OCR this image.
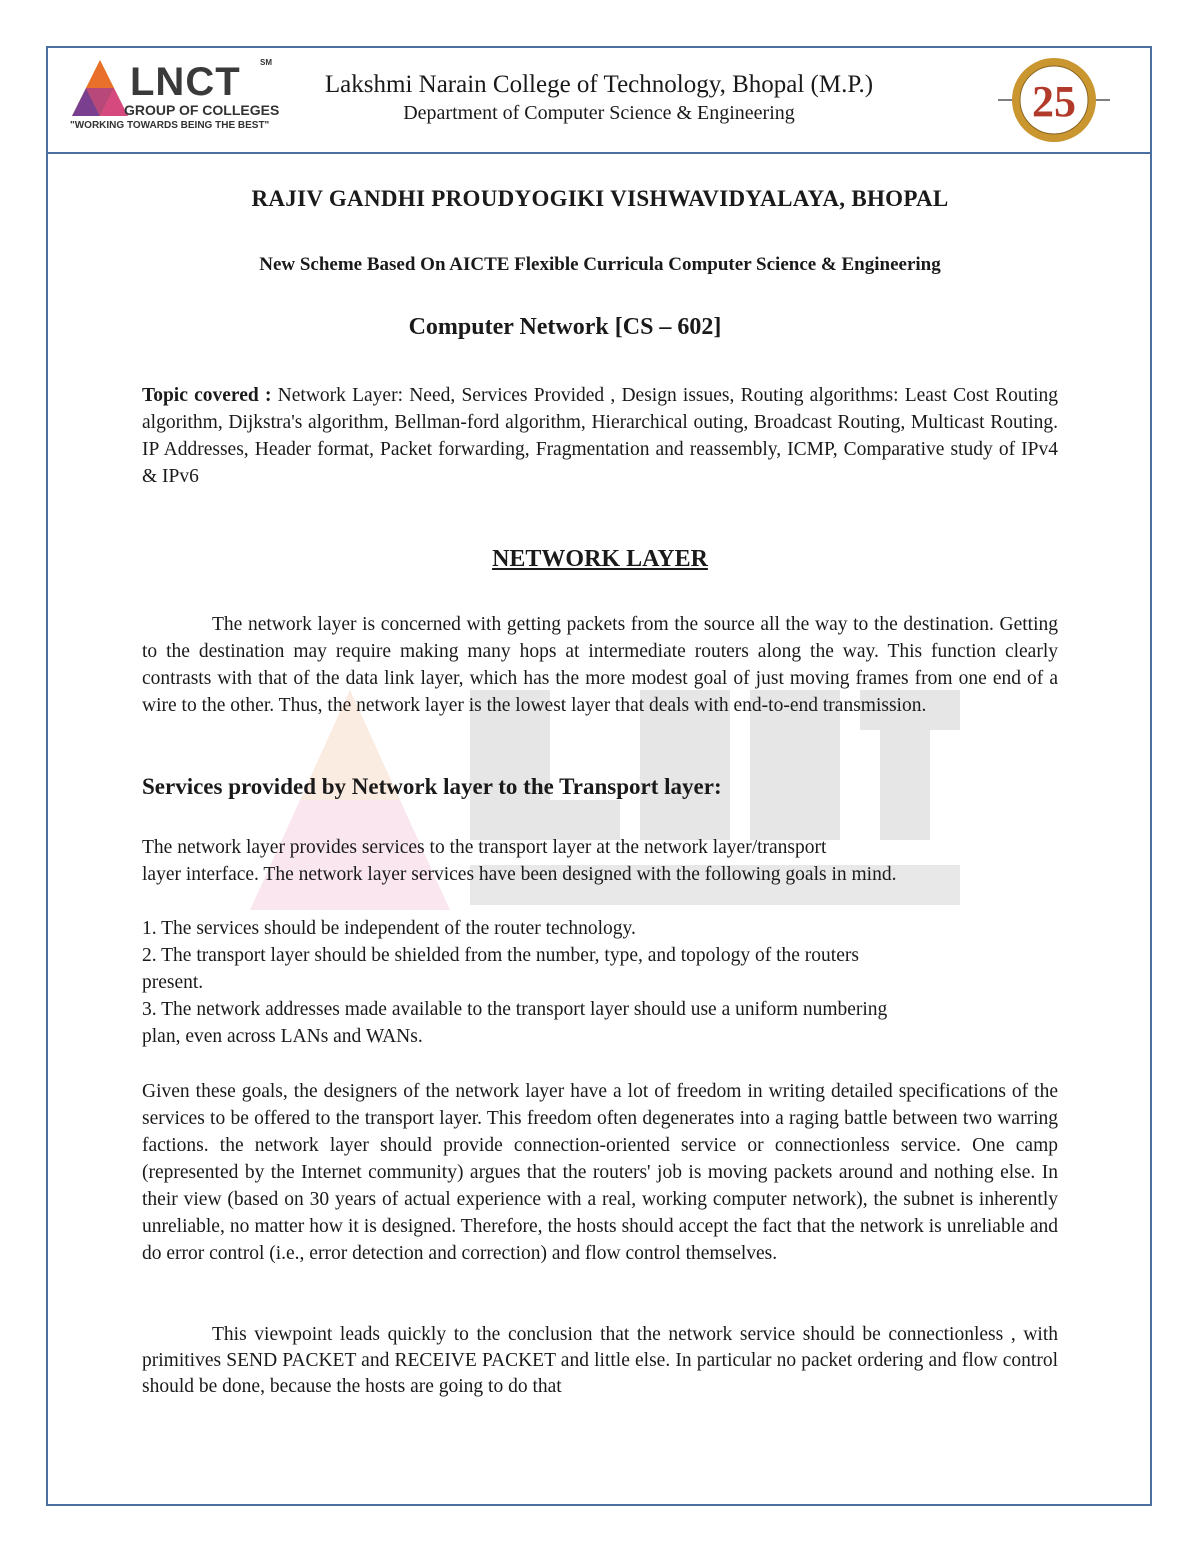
LNCT SM
GROUP OF COLLEGES
"WORKING TOWARDS BEING THE BEST"
Lakshmi Narain College of Technology, Bhopal (M.P.)
Department of Computer Science & Engineering	25
RAJIV GANDHI PROUDYOGIKI VISHWAVIDYALAYA, BHOPAL
New Scheme Based On AICTE Flexible Curricula Computer Science & Engineering
Computer Network [CS – 602]
Topic covered : Network Layer: Need, Services Provided , Design issues, Routing algorithms: Least Cost Routing algorithm, Dijkstra's algorithm, Bellman-ford algorithm, Hierarchical outing, Broadcast Routing, Multicast Routing. IP Addresses, Header format, Packet forwarding, Fragmentation and reassembly, ICMP, Comparative study of IPv4 & IPv6
NETWORK LAYER
The network layer is concerned with getting packets from the source all the way to the destination. Getting to the destination may require making many hops at intermediate routers along the way. This function clearly contrasts with that of the data link layer, which has the more modest goal of just moving frames from one end of a wire to the other. Thus, the network layer is the lowest layer that deals with end-to-end transmission.
Services provided by Network layer to the Transport layer:
The network layer provides services to the transport layer at the network layer/transport
layer interface. The network layer services have been designed with the following goals in mind.
1. The services should be independent of the router technology.
2. The transport layer should be shielded from the number, type, and topology of the routers
present.
3. The network addresses made available to the transport layer should use a uniform numbering
plan, even across LANs and WANs.
Given these goals, the designers of the network layer have a lot of freedom in writing detailed specifications of the services to be offered to the transport layer. This freedom often degenerates into a raging battle between two warring factions. the network layer should provide connection-oriented service or connectionless service. One camp (represented by the Internet community) argues that the routers' job is moving packets around and nothing else. In their view (based on 30 years of actual experience with a real, working computer network), the subnet is inherently unreliable, no matter how it is designed. Therefore, the hosts should accept the fact that the network is unreliable and do error control (i.e., error detection and correction) and flow control themselves.
This viewpoint leads quickly to the conclusion that the network service should be connectionless , with primitives SEND PACKET and RECEIVE PACKET and little else. In particular no packet ordering and flow control should be done, because the hosts are going to do that
